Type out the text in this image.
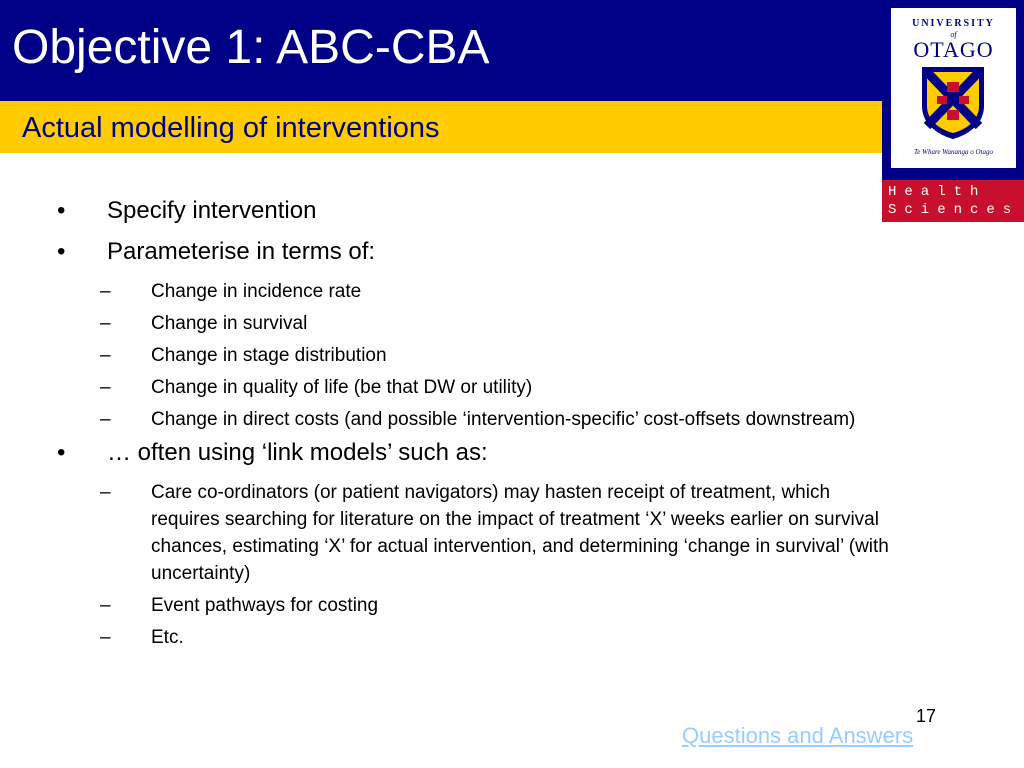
Objective 1: ABC-CBA
Actual modelling of interventions
UNIVERSITY
of
OTAGO
Te Whare Wananga o Otago
Health
Sciences
• Specify intervention
• Parameterise in terms of:
– Change in incidence rate
– Change in survival
– Change in stage distribution
– Change in quality of life (be that DW or utility)
– Change in direct costs (and possible ‘intervention-specific’ cost-offsets downstream)
• … often using ‘link models’ such as:
– Care co-ordinators (or patient navigators) may hasten receipt of treatment, which requires searching for literature on the impact of treatment ‘X’ weeks earlier on survival chances, estimating ‘X’ for actual intervention, and determining ‘change in survival’ (with uncertainty)
– Event pathways for costing
– Etc.
17
Questions and Answers
